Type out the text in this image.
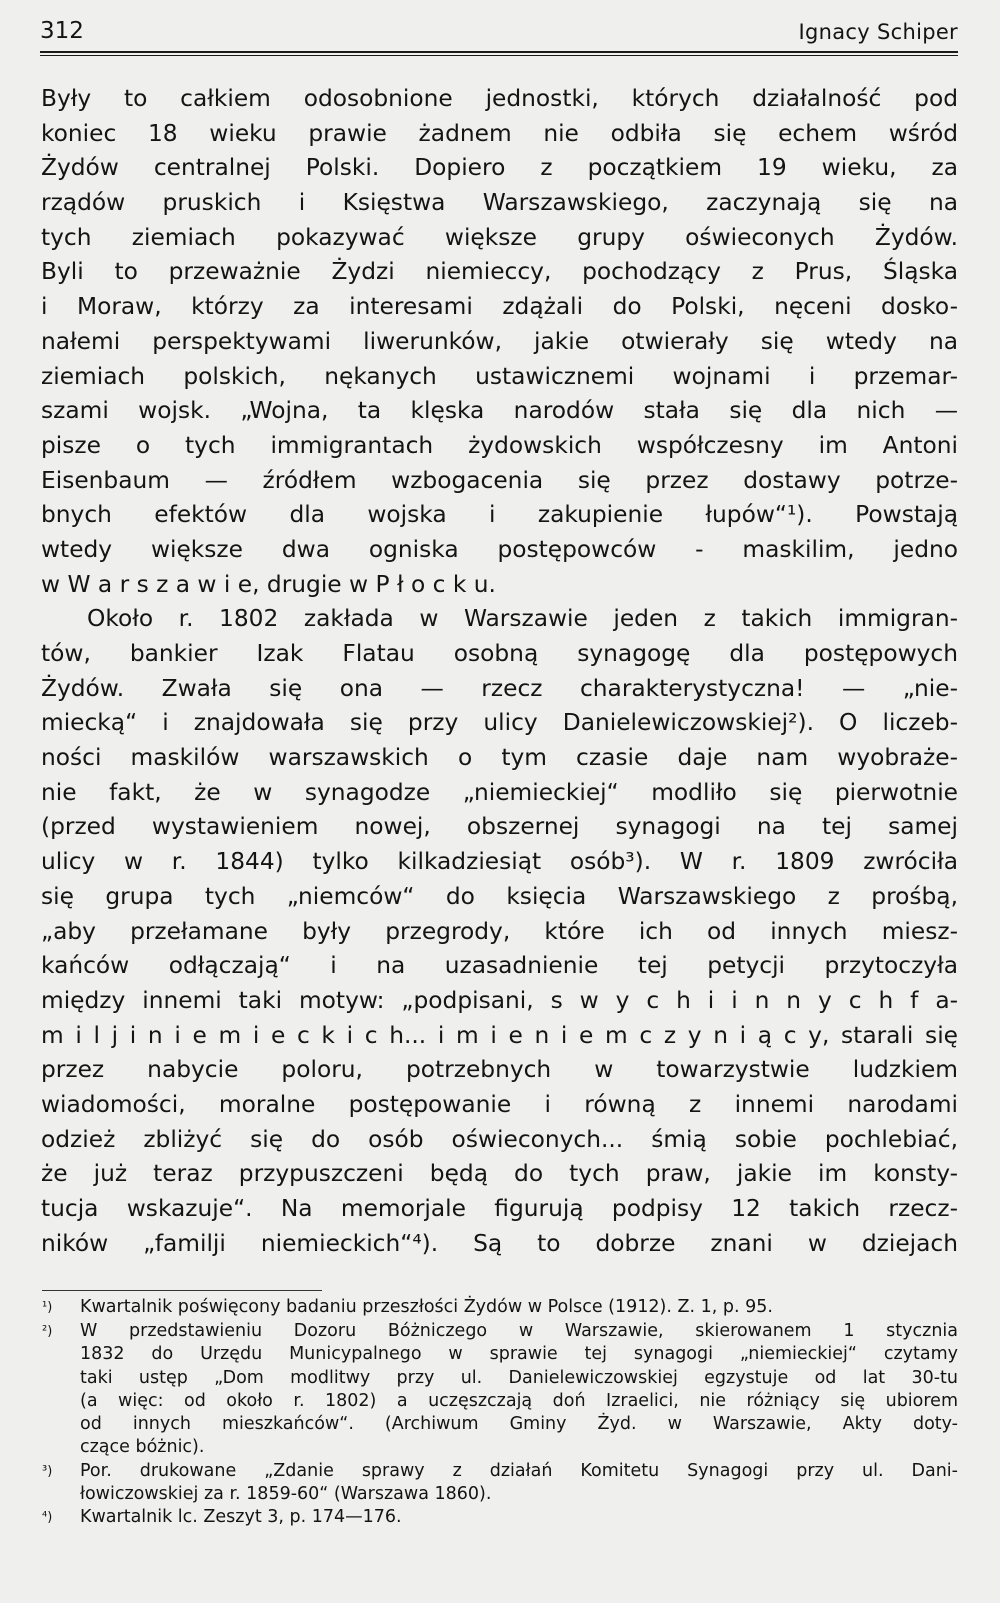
312	Ignacy Schiper
Były to całkiem odosobnione jednostki, których działalność pod
koniec 18 wieku prawie żadnem nie odbiła się echem wśród
Żydów centralnej Polski. Dopiero z początkiem 19 wieku, za
rządów pruskich i Księstwa Warszawskiego, zaczynają się na
tych ziemiach pokazywać większe grupy oświeconych Żydów.
Byli to przeważnie Żydzi niemieccy, pochodzący z Prus, Śląska
i Moraw, którzy za interesami zdążali do Polski, nęceni dosko-
nałemi perspektywami liwerunków, jakie otwierały się wtedy na
ziemiach polskich, nękanych ustawicznemi wojnami i przemar-
szami wojsk. „Wojna, ta klęska narodów stała się dla nich —
pisze o tych immigrantach żydowskich współczesny im Antoni
Eisenbaum — źródłem wzbogacenia się przez dostawy potrze-
bnych efektów dla wojska i zakupienie łupów“¹). Powstają
wtedy większe dwa ogniska postępowców - maskilim, jedno
w W a r s z a w i e, drugie w P ł o c k u.
Około r. 1802 zakłada w Warszawie jeden z takich immigran-
tów, bankier Izak Flatau osobną synagogę dla postępowych
Żydów. Zwała się ona — rzecz charakterystyczna! — „nie-
miecką“ i znajdowała się przy ulicy Danielewiczowskiej²). O liczeb-
ności maskilów warszawskich o tym czasie daje nam wyobraże-
nie fakt, że w synagodze „niemieckiej“ modliło się pierwotnie
(przed wystawieniem nowej, obszernej synagogi na tej samej
ulicy w r. 1844) tylko kilkadziesiąt osób³). W r. 1809 zwróciła
się grupa tych „niemców“ do księcia Warszawskiego z prośbą,
„aby przełamane były przegrody, które ich od innych miesz-
kańców odłączają“ i na uzasadnienie tej petycji przytoczyła
między innemi taki motyw: „podpisani, s w y c h i i n n y c h f a-
m i l j i n i e m i e c k i c h... i m i e n i e m c z y n i ą c y, starali się
przez nabycie poloru, potrzebnych w towarzystwie ludzkiem
wiadomości, moralne postępowanie i równą z innemi narodami
odzież zbliżyć się do osób oświeconych... śmią sobie pochlebiać,
że już teraz przypuszczeni będą do tych praw, jakie im konsty-
tucja wskazuje“. Na memorjale figurują podpisy 12 takich rzecz-
ników „familji niemieckich“⁴). Są to dobrze znani w dziejach
¹)	Kwartalnik poświęcony badaniu przeszłości Żydów w Polsce (1912). Z. 1, p. 95.
²)	W przedstawieniu Dozoru Bóżniczego w Warszawie, skierowanem 1 stycznia
1832 do Urzędu Municypalnego w sprawie tej synagogi „niemieckiej“ czytamy
taki ustęp „Dom modlitwy przy ul. Danielewiczowskiej egzystuje od lat 30-tu
(a więc: od około r. 1802) a uczęszczają doń Izraelici, nie różniący się ubiorem
od innych mieszkańców“. (Archiwum Gminy Żyd. w Warszawie, Akty doty-
czące bóżnic).
³)	Por. drukowane „Zdanie sprawy z działań Komitetu Synagogi przy ul. Dani-
łowiczowskiej za r. 1859-60“ (Warszawa 1860).
⁴)	Kwartalnik lc. Zeszyt 3, p. 174—176.
